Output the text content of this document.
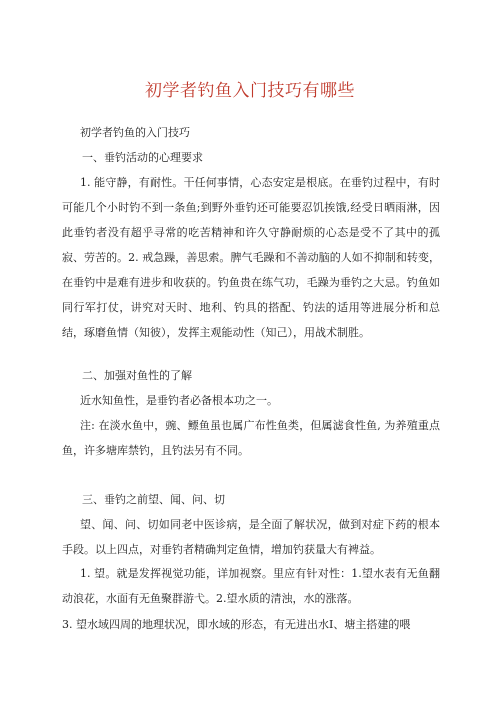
初学者钓鱼入门技巧有哪些

初学者钓鱼的入门技巧

一、垂钓活动的心理要求

1. 能守静，有耐性。干任何事情，心态安定是根底。在垂钓过程中，有时可能几个小时钓不到一条鱼;到野外垂钓还可能要忍饥挨饿,经受日晒雨淋，因此垂钓者没有超乎寻常的吃苦精神和许久守静耐烦的心态是受不了其中的孤寂、劳苦的。2. 戒急躁，善思索。脾气毛躁和不善动脑的人如不抑制和转变，在垂钓中是难有进步和收获的。钓鱼贵在练气功，毛躁为垂钓之大忌。钓鱼如同行军打仗，讲究对天时、地利、钓具的搭配、钓法的适用等进展分析和总结，琢磨鱼情（知彼），发挥主观能动性（知己），用战术制胜。

二、加强对鱼性的了解

近水知鱼性，是垂钓者必备根本功之一。

注: 在淡水鱼中，豌、鳔鱼虽也属广布性鱼类，但属滤食性鱼, 为养殖重点鱼，许多塘库禁钓，且钓法另有不同。

三、垂钓之前望、闻、问、切

望、闻、问、切如同老中医诊病，是全面了解状况，做到对症下药的根本手段。以上四点，对垂钓者精确判定鱼情，增加钓获量大有裨益。

1. 望。就是发挥视觉功能，详加视察。里应有针对性：1.望水表有无鱼翻动浪花，水面有无鱼聚群游弋。2.望水质的清浊，水的涨落。

3. 望水域四周的地理状况，即水域的形态，有无进出水Ⅰ、塘主搭建的喂
